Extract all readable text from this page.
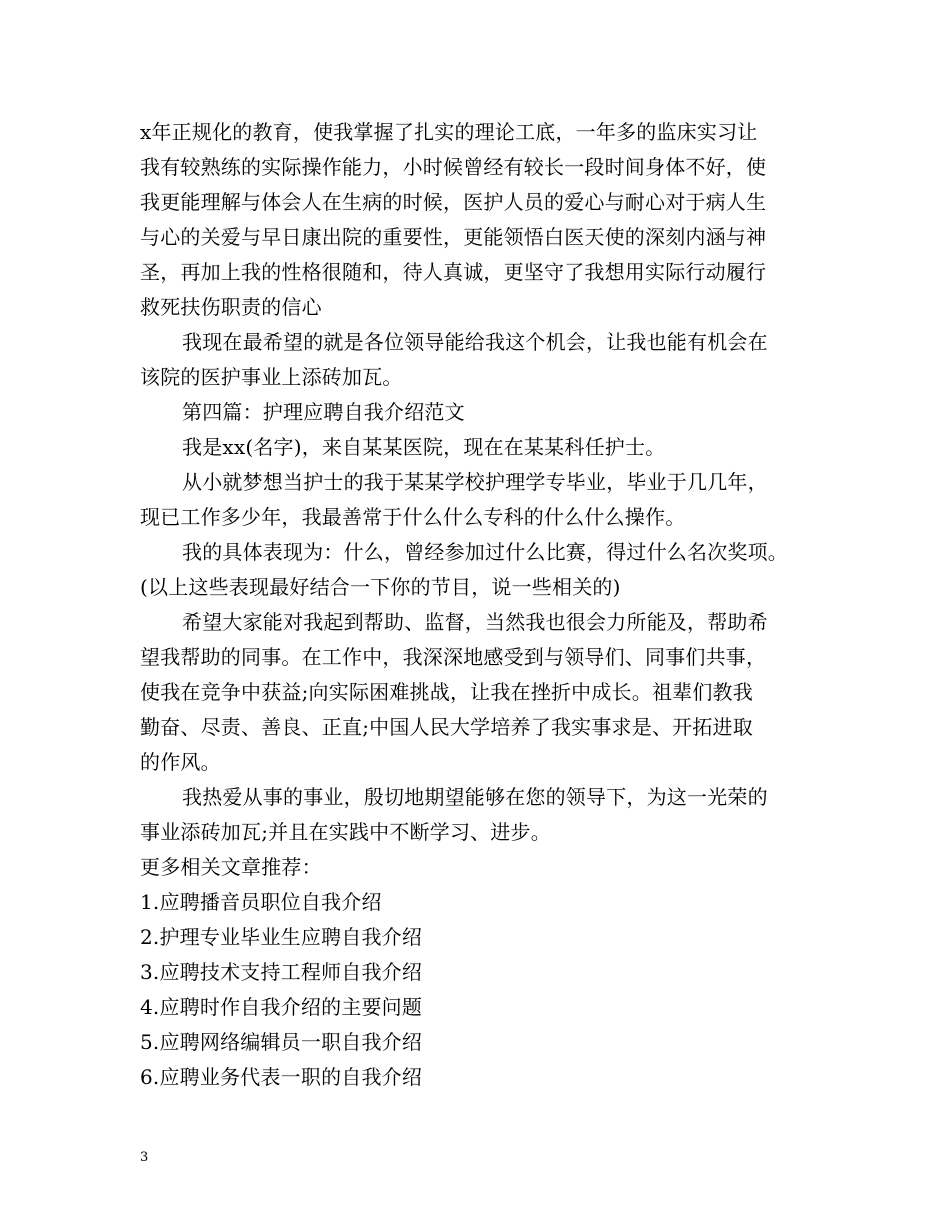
x年正规化的教育，使我掌握了扎实的理论工底，一年多的监床实习让
我有较熟练的实际操作能力，小时候曾经有较长一段时间身体不好，使
我更能理解与体会人在生病的时候，医护人员的爱心与耐心对于病人生
与心的关爱与早日康出院的重要性，更能领悟白医天使的深刻内涵与神
圣，再加上我的性格很随和，待人真诚，更坚守了我想用实际行动履行
救死扶伤职责的信心
我现在最希望的就是各位领导能给我这个机会，让我也能有机会在
该院的医护事业上添砖加瓦。
第四篇：护理应聘自我介绍范文
我是xx(名字)，来自某某医院，现在在某某科任护士。
从小就梦想当护士的我于某某学校护理学专毕业，毕业于几几年，
现已工作多少年，我最善常于什么什么专科的什么什么操作。
我的具体表现为：什么，曾经参加过什么比赛，得过什么名次奖项。
(以上这些表现最好结合一下你的节目，说一些相关的)
希望大家能对我起到帮助、监督，当然我也很会力所能及，帮助希
望我帮助的同事。在工作中，我深深地感受到与领导们、同事们共事，
使我在竞争中获益;向实际困难挑战，让我在挫折中成长。祖辈们教我
勤奋、尽责、善良、正直;中国人民大学培养了我实事求是、开拓进取
的作风。
我热爱从事的事业，殷切地期望能够在您的领导下，为这一光荣的
事业添砖加瓦;并且在实践中不断学习、进步。
更多相关文章推荐：
1.应聘播音员职位自我介绍
2.护理专业毕业生应聘自我介绍
3.应聘技术支持工程师自我介绍
4.应聘时作自我介绍的主要问题
5.应聘网络编辑员一职自我介绍
6.应聘业务代表一职的自我介绍
3
